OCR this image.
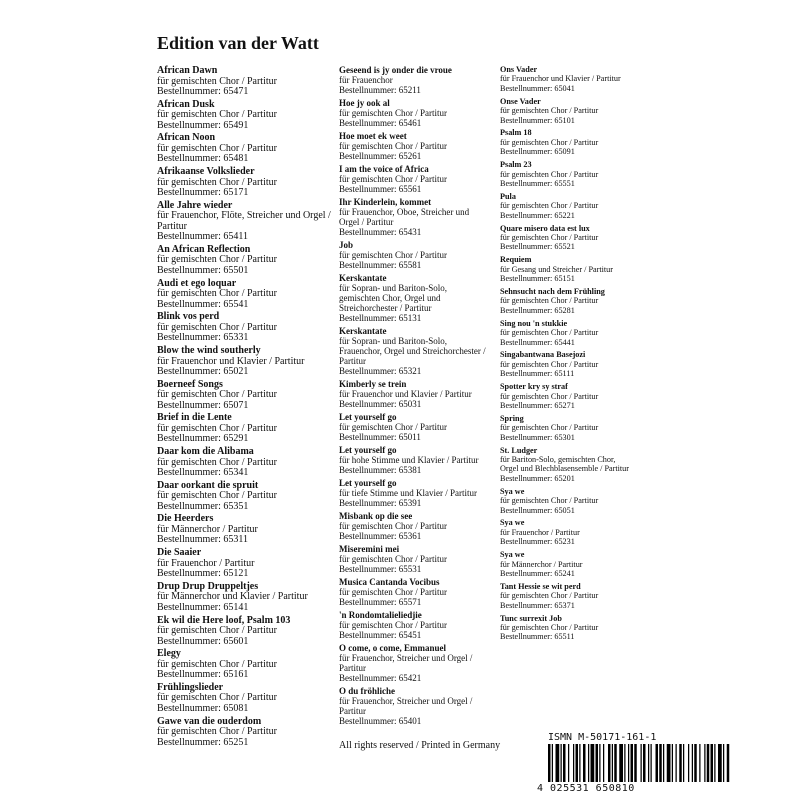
Edition van der Watt
African Dawn
für gemischten Chor / Partitur
Bestellnummer: 65471
African Dusk
für gemischten Chor / Partitur
Bestellnummer: 65491
African Noon
für gemischten Chor / Partitur
Bestellnummer: 65481
Afrikaanse Volkslieder
für gemischten Chor / Partitur
Bestellnummer: 65171
Alle Jahre wieder
für Frauenchor, Flöte, Streicher und Orgel / Partitur
Bestellnummer: 65411
An African Reflection
für gemischten Chor / Partitur
Bestellnummer: 65501
Audi et ego loquar
für gemischten Chor / Partitur
Bestellnummer: 65541
Blink vos perd
für gemischten Chor / Partitur
Bestellnummer: 65331
Blow the wind southerly
für Frauenchor und Klavier / Partitur
Bestellnummer: 65021
Boerneef Songs
für gemischten Chor / Partitur
Bestellnummer: 65071
Brief in die Lente
für gemischten Chor / Partitur
Bestellnummer: 65291
Daar kom die Alibama
für gemischten Chor / Partitur
Bestellnummer: 65341
Daar oorkant die spruit
für gemischten Chor / Partitur
Bestellnummer: 65351
Die Heerders
für Männerchor / Partitur
Bestellnummer: 65311
Die Saaier
für Frauenchor / Partitur
Bestellnummer: 65121
Drup Drup Druppeltjes
für Männerchor und Klavier / Partitur
Bestellnummer: 65141
Ek wil die Here loof, Psalm 103
für gemischten Chor / Partitur
Bestellnummer: 65601
Elegy
für gemischten Chor / Partitur
Bestellnummer: 65161
Frühlingslieder
für gemischten Chor / Partitur
Bestellnummer: 65081
Gawe van die ouderdom
für gemischten Chor / Partitur
Bestellnummer: 65251
Geseend is jy onder die vroue
für Frauenchor
Bestellnummer: 65211
Hoe jy ook al
für gemischten Chor / Partitur
Bestellnummer: 65461
Hoe moet ek weet
für gemischten Chor / Partitur
Bestellnummer: 65261
I am the voice of Africa
für gemischten Chor / Partitur
Bestellnummer: 65561
Ihr Kinderlein, kommet
für Frauenchor, Oboe, Streicher und Orgel / Partitur
Bestellnummer: 65431
Job
für gemischten Chor / Partitur
Bestellnummer: 65581
Kerskantate
für Sopran- und Bariton-Solo, gemischten Chor, Orgel und Streichorchester / Partitur
Bestellnummer: 65131
Kerskantate
für Sopran- und Bariton-Solo, Frauenchor, Orgel und Streichorchester / Partitur
Bestellnummer: 65321
Kimberly se trein
für Frauenchor und Klavier / Partitur
Bestellnummer: 65031
Let yourself go
für gemischten Chor / Partitur
Bestellnummer: 65011
Let yourself go
für hohe Stimme und Klavier / Partitur
Bestellnummer: 65381
Let yourself go
für tiefe Stimme und Klavier / Partitur
Bestellnummer: 65391
Misbank op die see
für gemischten Chor / Partitur
Bestellnummer: 65361
Miseremini mei
für gemischten Chor / Partitur
Bestellnummer: 65531
Musica Cantanda Vocibus
für gemischten Chor / Partitur
Bestellnummer: 65571
'n Rondomtalieliedjie
für gemischten Chor / Partitur
Bestellnummer: 65451
O come, o come, Emmanuel
für Frauenchor, Streicher und Orgel / Partitur
Bestellnummer: 65421
O du fröhliche
für Frauenchor, Streicher und Orgel / Partitur
Bestellnummer: 65401
Ons Vader
für Frauenchor und Klavier / Partitur
Bestellnummer: 65041
Onse Vader
für gemischten Chor / Partitur
Bestellnummer: 65101
Psalm 18
für gemischten Chor / Partitur
Bestellnummer: 65091
Psalm 23
für gemischten Chor / Partitur
Bestellnummer: 65551
Pula
für gemischten Chor / Partitur
Bestellnummer: 65221
Quare misero data est lux
für gemischten Chor / Partitur
Bestellnummer: 65521
Requiem
für Gesang und Streicher / Partitur
Bestellnummer: 65151
Sehnsucht nach dem Frühling
für gemischten Chor / Partitur
Bestellnummer: 65281
Sing nou 'n stukkie
für gemischten Chor / Partitur
Bestellnummer: 65441
Singabantwana Basejozi
für gemischten Chor / Partitur
Bestellnummer: 65111
Spotter kry sy straf
für gemischten Chor / Partitur
Bestellnummer: 65271
Spring
für gemischten Chor / Partitur
Bestellnummer: 65301
St. Ludger
für Bariton-Solo, gemischten Chor, Orgel und Blechblasensemble / Partitur
Bestellnummer: 65201
Sya we
für gemischten Chor / Partitur
Bestellnummer: 65051
Sya we
für Frauenchor / Partitur
Bestellnummer: 65231
Sya we
für Männerchor / Partitur
Bestellnummer: 65241
Tant Hessie se wit perd
für gemischten Chor / Partitur
Bestellnummer: 65371
Tunc surrexit Job
für gemischten Chor / Partitur
Bestellnummer: 65511
All rights reserved / Printed in Germany
ISMN M-50171-161-1
4 025531 650810
